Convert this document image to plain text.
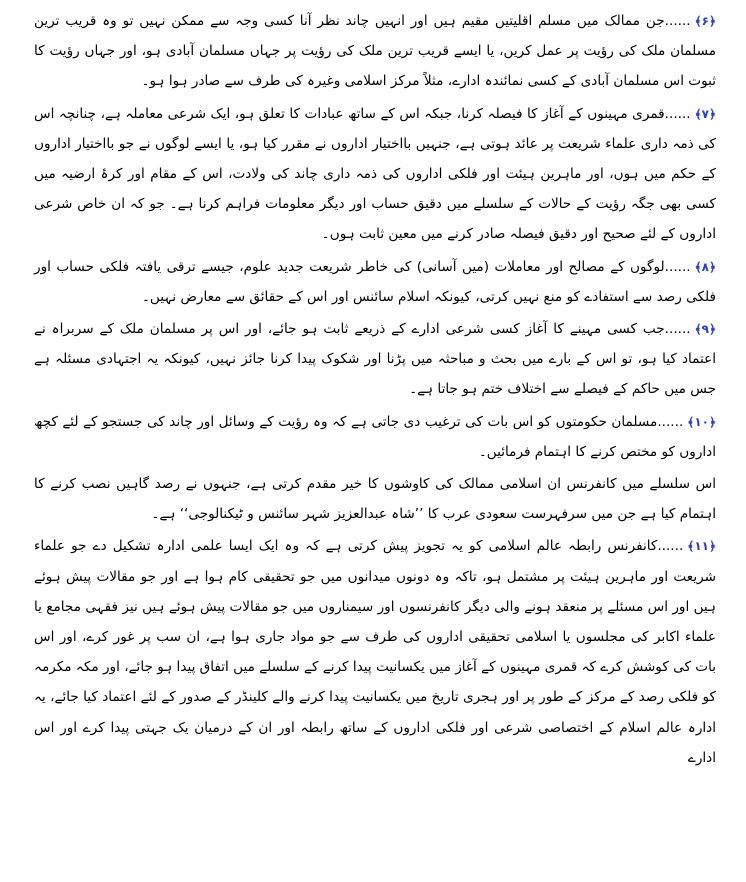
﴿۶﴾......جن ممالک میں مسلم اقلیتیں مقیم ہیں اور انہیں چاند نظر آنا کسی وجہ سے ممکن نہیں تو وہ قریب ترین مسلمان ملک کی رؤیت پر عمل کریں، یا ایسے قریب ترین ملک کی رؤیت پر جہاں مسلمان آبادی ہو، اور جہاں رؤیت کا ثبوت اس مسلمان آبادی کے کسی نمائندہ ادارے، مثلاً مرکز اسلامی وغیرہ کی طرف سے صادر ہوا ہو۔

﴿۷﴾......قمری مہینوں کے آغاز کا فیصلہ کرنا، جبکہ اس کے ساتھ عبادات کا تعلق ہو، ایک شرعی معاملہ ہے، چنانچہ اس کی ذمہ داری علماء شریعت پر عائد ہوتی ہے، جنہیں بااختیار اداروں نے مقرر کیا ہو، یا ایسے لوگوں نے جو بااختیار اداروں کے حکم میں ہوں، اور ماہرین ہیئت اور فلکی اداروں کی ذمہ داری چاند کی ولادت، اس کے مقام اور کرۂ ارضیہ میں کسی بھی جگہ رؤیت کے حالات کے سلسلے میں دقیق حساب اور دیگر معلومات فراہم کرنا ہے۔ جو کہ ان خاص شرعی اداروں کے لئے صحیح اور دقیق فیصلہ صادر کرنے میں معین ثابت ہوں۔

﴿۸﴾......لوگوں کے مصالح اور معاملات (میں آسانی) کی خاطر شریعت جدید علوم، جیسے ترقی یافتہ فلکی حساب اور فلکی رصد سے استفادے کو منع نہیں کرتی، کیونکہ اسلام سائنس اور اس کے حقائق سے معارض نہیں۔

﴿۹﴾......جب کسی مہینے کا آغاز کسی شرعی ادارے کے ذریعے ثابت ہو جائے، اور اس پر مسلمان ملک کے سربراہ نے اعتماد کیا ہو، تو اس کے بارے میں بحث و مباحثہ میں پڑنا اور شکوک پیدا کرنا جائز نہیں، کیونکہ یہ اجتہادی مسئلہ ہے جس میں حاکم کے فیصلے سے اختلاف ختم ہو جاتا ہے۔

﴿۱۰﴾......مسلمان حکومتوں کو اس بات کی ترغیب دی جاتی ہے کہ وہ رؤیت کے وسائل اور چاند کی جستجو کے لئے کچھ اداروں کو مختص کرنے کا اہتمام فرمائیں۔

اس سلسلے میں کانفرنس ان اسلامی ممالک کی کاوشوں کا خیر مقدم کرتی ہے، جنہوں نے رصد گاہیں نصب کرنے کا اہتمام کیا ہے جن میں سرفہرست سعودی عرب کا ’’شاہ عبدالعزیز شہر سائنس و ٹیکنالوجی‘‘ ہے۔

﴿۱۱﴾......کانفرنس رابطہ عالم اسلامی کو یہ تجویز پیش کرتی ہے کہ وہ ایک ایسا علمی ادارہ تشکیل دے جو علماء شریعت اور ماہرین ہیئت پر مشتمل ہو، تاکہ وہ دونوں میدانوں میں جو تحقیقی کام ہوا ہے اور جو مقالات پیش ہوئے ہیں اور اس مسئلے پر منعقد ہونے والی دیگر کانفرنسوں اور سیمناروں میں جو مقالات پیش ہوئے ہیں نیز فقہی مجامع یا علماء اکابر کی مجلسوں یا اسلامی تحقیقی اداروں کی طرف سے جو مواد جاری ہوا ہے، ان سب پر غور کرے، اور اس بات کی کوشش کرے کہ قمری مہینوں کے آغاز میں یکسانیت پیدا کرنے کے سلسلے میں اتفاق پیدا ہو جائے، اور مکہ مکرمہ کو فلکی رصد کے مرکز کے طور پر اور ہجری تاریخ میں یکسانیت پیدا کرنے والے کلینڈر کے صدور کے لئے اعتماد کیا جائے، یہ ادارہ عالم اسلام کے اختصاصی شرعی اور فلکی اداروں کے ساتھ رابطہ اور ان کے درمیان یک جہتی پیدا کرے اور اس ادارے
